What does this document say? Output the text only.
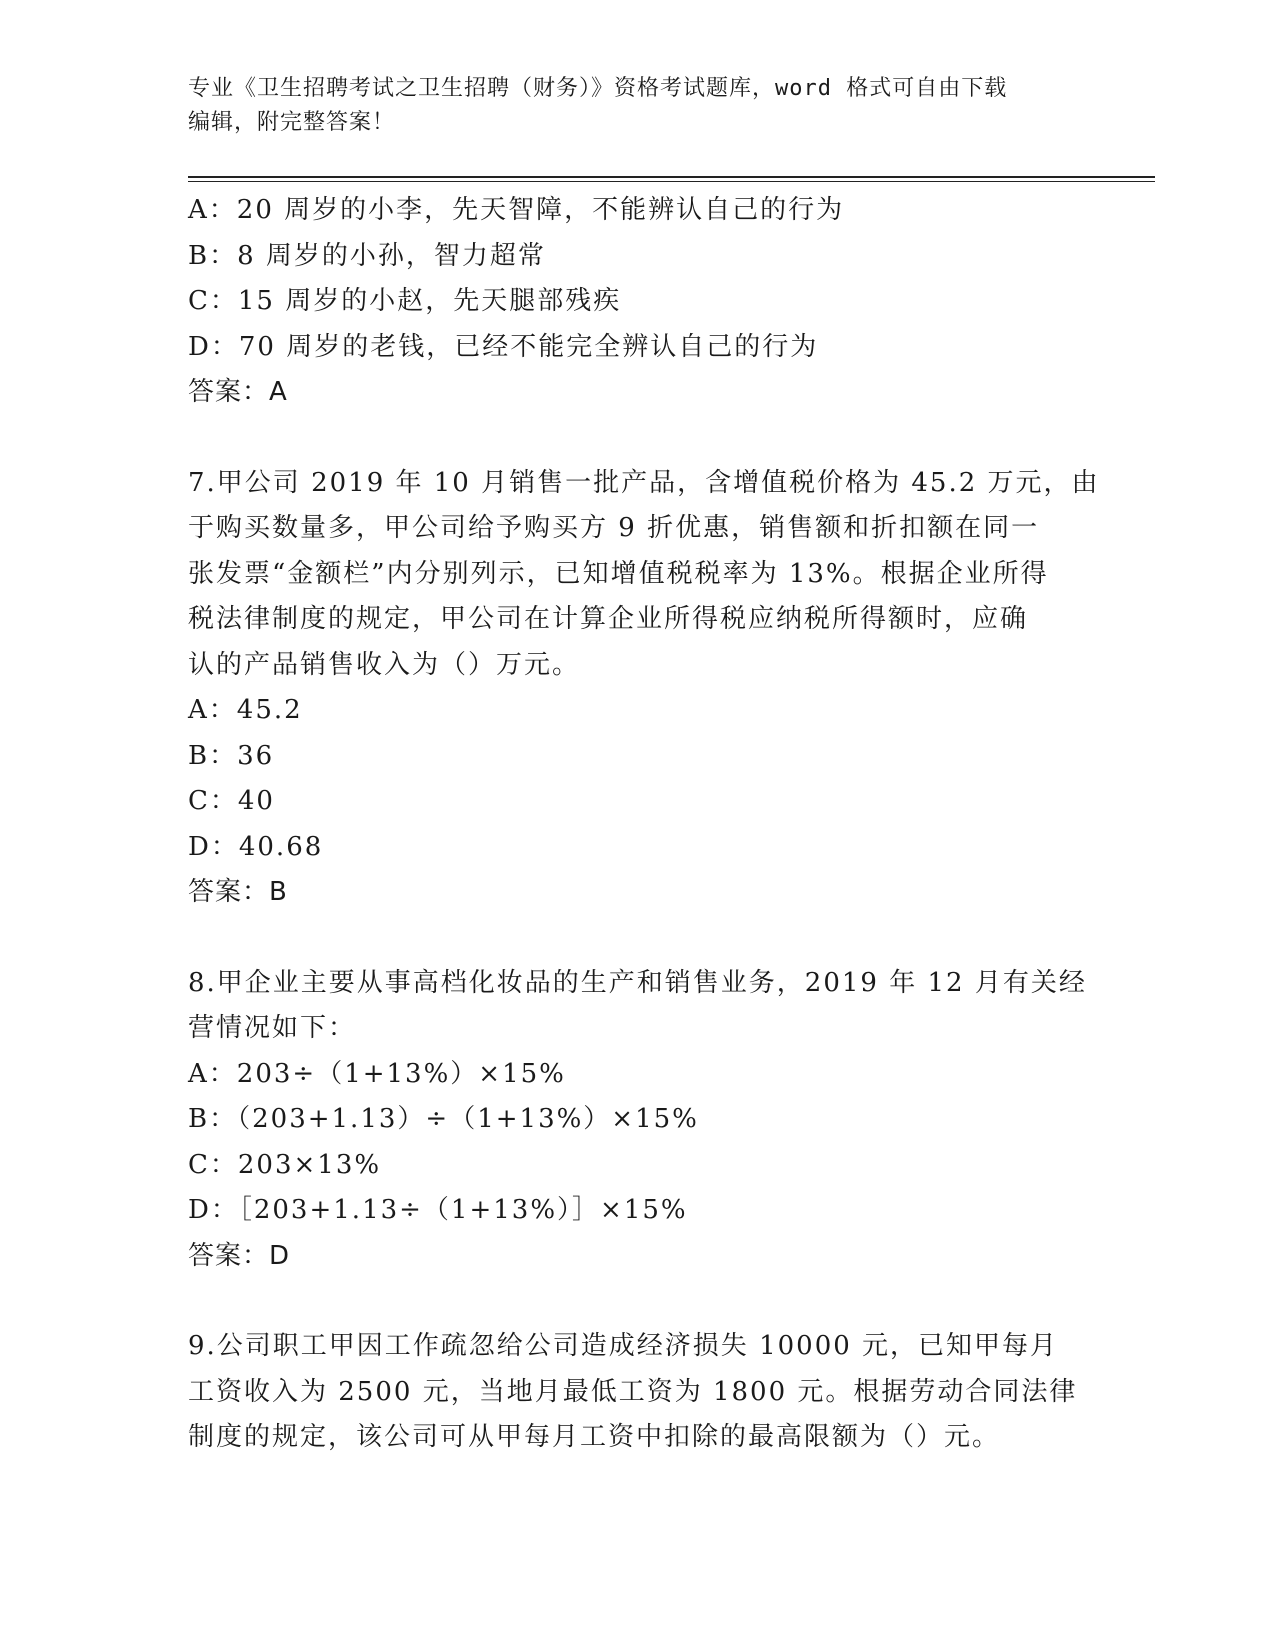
专业《卫生招聘考试之卫生招聘（财务）》资格考试题库，word 格式可自由下载
编辑，附完整答案！
A：20 周岁的小李，先天智障，不能辨认自己的行为
B：8 周岁的小孙，智力超常
C：15 周岁的小赵，先天腿部残疾
D：70 周岁的老钱，已经不能完全辨认自己的行为
答案：A
7.甲公司 2019 年 10 月销售一批产品，含增值税价格为 45.2 万元，由
于购买数量多，甲公司给予购买方 9 折优惠，销售额和折扣额在同一
张发票“金额栏”内分别列示，已知增值税税率为 13%。根据企业所得
税法律制度的规定，甲公司在计算企业所得税应纳税所得额时，应确
认的产品销售收入为（）万元。
A：45.2
B：36
C：40
D：40.68
答案：B
8.甲企业主要从事高档化妆品的生产和销售业务，2019 年 12 月有关经
营情况如下：
A：203÷（1+13%）×15%
B：（203+1.13）÷（1+13%）×15%
C：203×13%
D：［203+1.13÷（1+13%）］×15%
答案：D
9.公司职工甲因工作疏忽给公司造成经济损失 10000 元，已知甲每月
工资收入为 2500 元，当地月最低工资为 1800 元。根据劳动合同法律
制度的规定，该公司可从甲每月工资中扣除的最高限额为（）元。
